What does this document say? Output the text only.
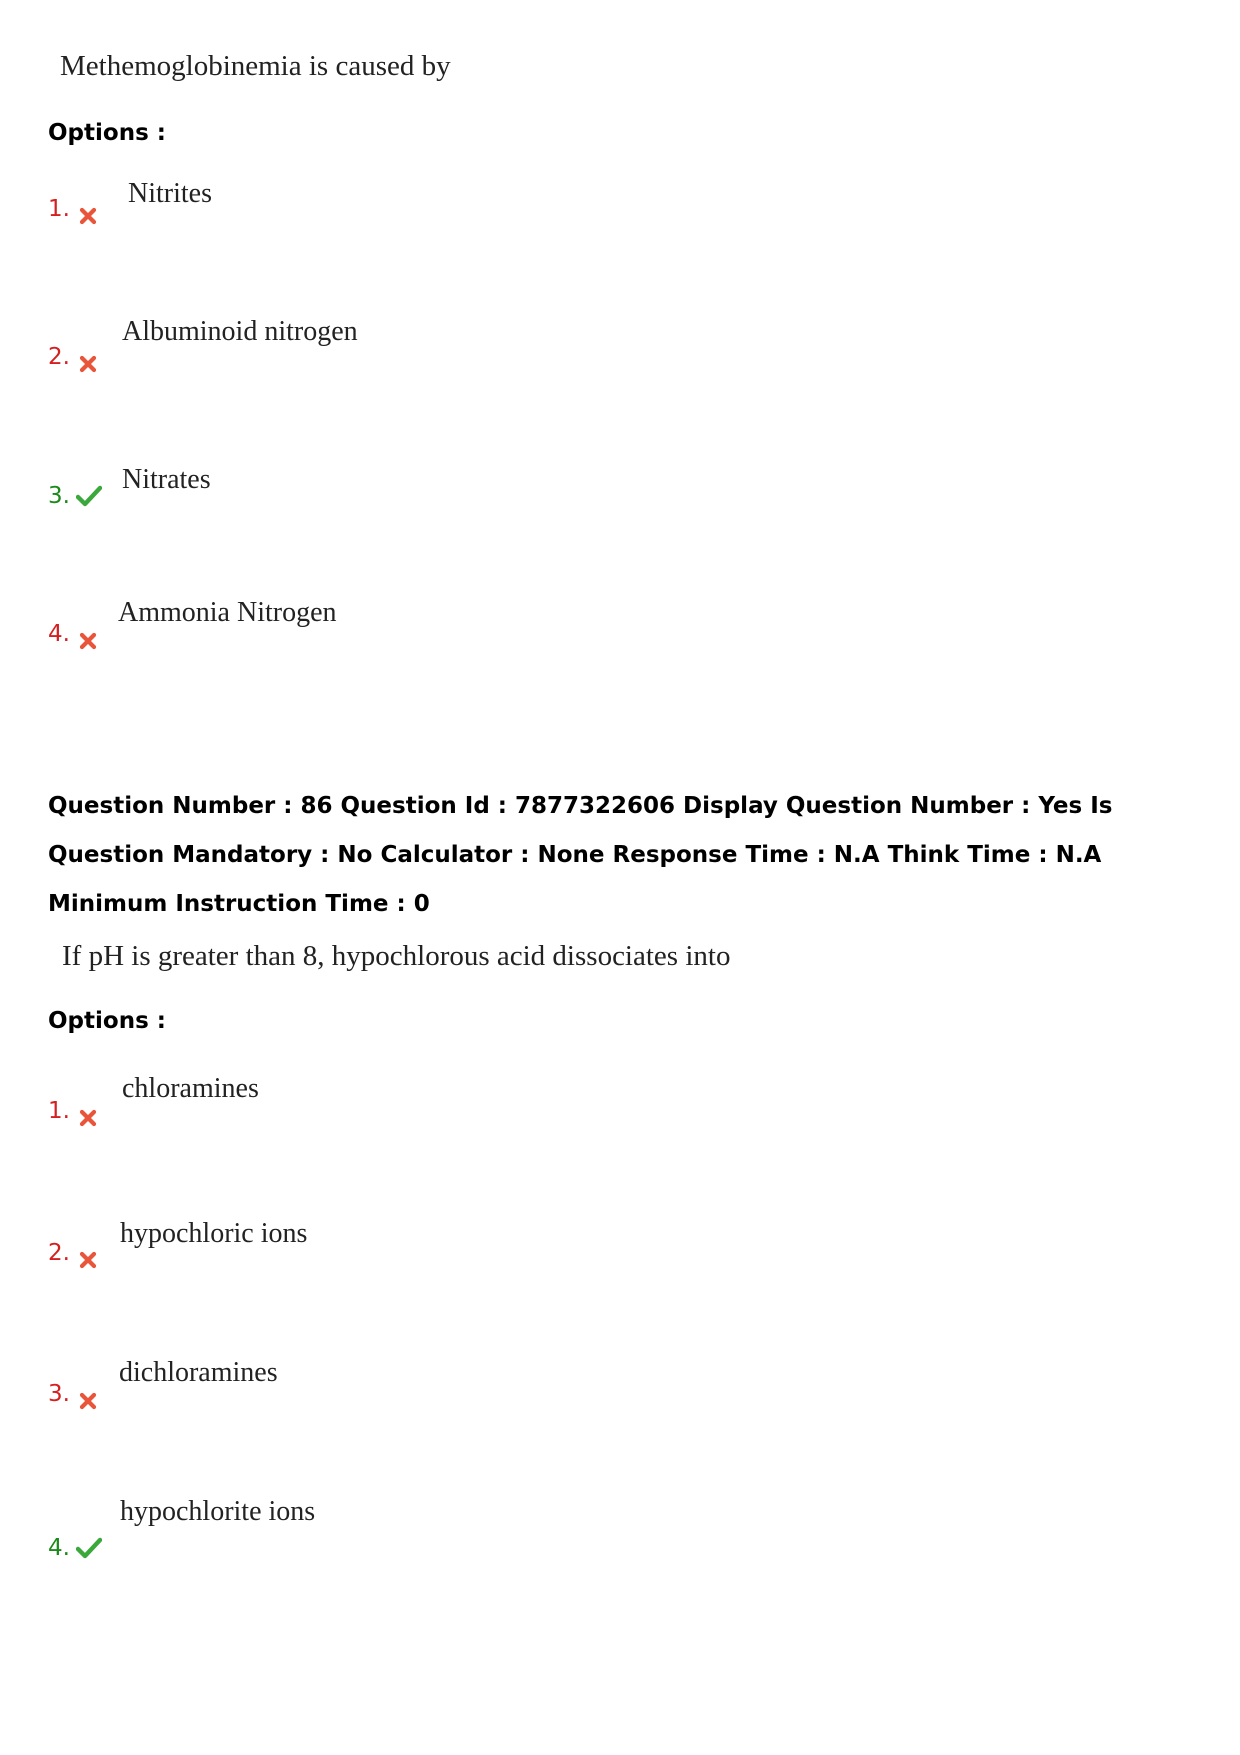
Methemoglobinemia is caused by
Options :
1. Nitrites
2.
Albuminoid nitrogen
3.
Nitrates
4.
Ammonia Nitrogen
Question Number : 86 Question Id : 7877322606 Display Question Number : Yes Is Question Mandatory : No Calculator : None Response Time : N.A Think Time : N.A Minimum Instruction Time : 0
If pH is greater than 8, hypochlorous acid dissociates into
Options :
1.
chloramines
2.
hypochloric ions
3.
dichloramines
4.
hypochlorite ions
